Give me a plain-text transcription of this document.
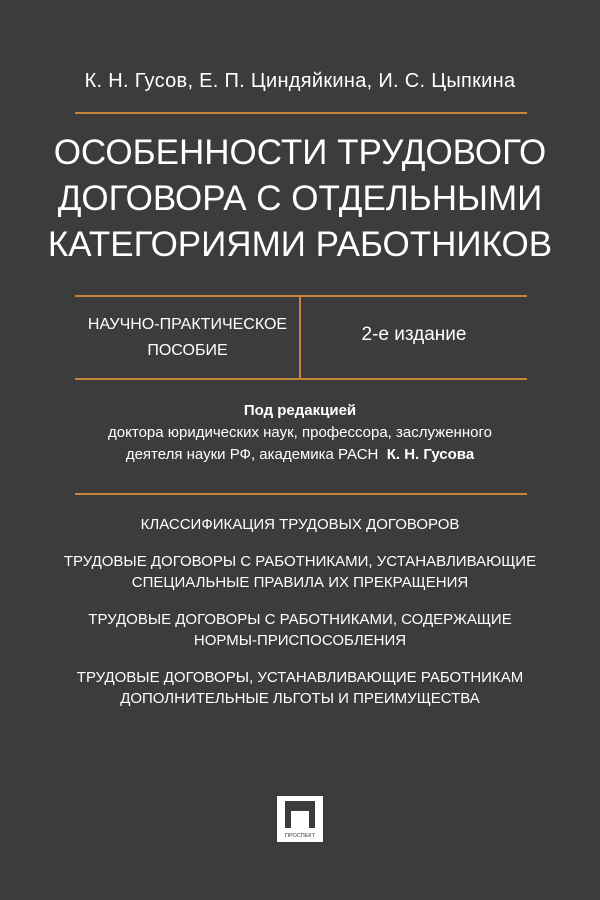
К. Н. Гусов, Е. П. Циндяйкина, И. С. Цыпкина
ОСОБЕННОСТИ ТРУДОВОГО
ДОГОВОРА С ОТДЕЛЬНЫМИ
КАТЕГОРИЯМИ РАБОТНИКОВ
НАУЧНО-ПРАКТИЧЕСКОЕ
ПОСОБИЕ
2-е издание
Под редакцией
доктора юридических наук, профессора, заслуженного
деятеля науки РФ, академика РАСН К. Н. Гусова
КЛАССИФИКАЦИЯ ТРУДОВЫХ ДОГОВОРОВ
ТРУДОВЫЕ ДОГОВОРЫ С РАБОТНИКАМИ, УСТАНАВЛИВАЮЩИЕ
СПЕЦИАЛЬНЫЕ ПРАВИЛА ИХ ПРЕКРАЩЕНИЯ
ТРУДОВЫЕ ДОГОВОРЫ С РАБОТНИКАМИ, СОДЕРЖАЩИЕ
НОРМЫ-ПРИСПОСОБЛЕНИЯ
ТРУДОВЫЕ ДОГОВОРЫ, УСТАНАВЛИВАЮЩИЕ РАБОТНИКАМ
ДОПОЛНИТЕЛЬНЫЕ ЛЬГОТЫ И ПРЕИМУЩЕСТВА
ПРОСПЕКТ
